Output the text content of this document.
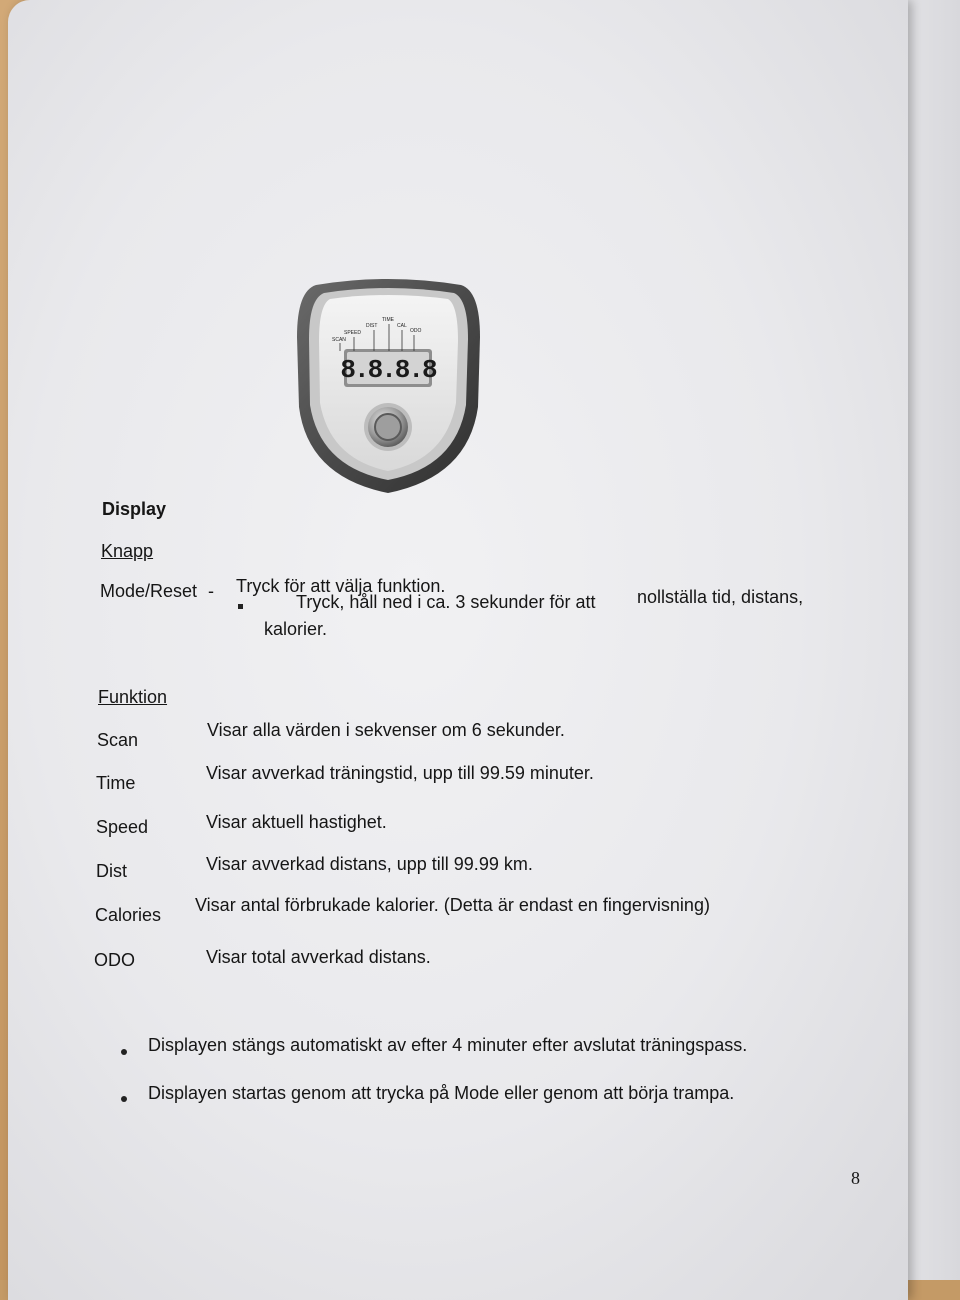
SCAN
SPEED
DIST
TIME
CAL
ODO
8.8.8.8
Display
Knapp
Mode/Reset - Tryck för att välja funktion.
Tryck, håll ned i ca. 3 sekunder för att nollställa tid, distans,
kalorier.
Funktion
Scan	Visar alla värden i sekvenser om 6 sekunder.
Time	Visar avverkad träningstid, upp till 99.59 minuter.
Speed	Visar aktuell hastighet.
Dist	Visar avverkad distans, upp till 99.99 km.
Calories Visar antal förbrukade kalorier. (Detta är endast en fingervisning)
ODO	Visar total avverkad distans.
Displayen stängs automatiskt av efter 4 minuter efter avslutat träningspass.
Displayen startas genom att trycka på Mode eller genom att börja trampa.
8
